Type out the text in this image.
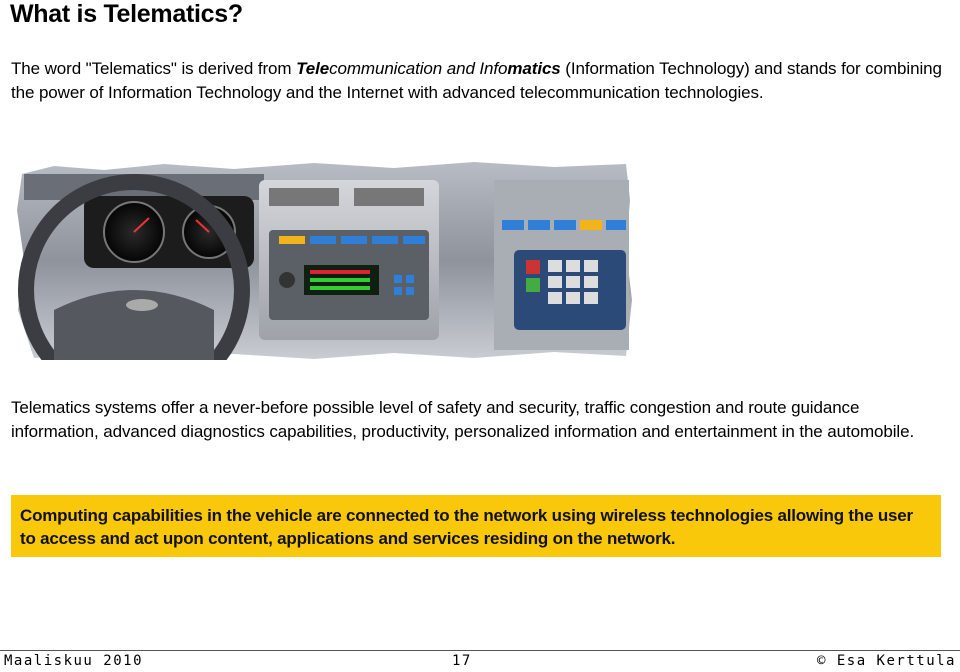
What is Telematics?

The word "Telematics" is derived from Telecommunication and Infomatics (Information Technology) and stands for combining the power of Information Technology and the Internet with advanced telecommunication technologies.

Telematics systems offer a never-before possible level of safety and security, traffic congestion and route guidance information, advanced diagnostics capabilities, productivity, personalized information and entertainment in the automobile.

Computing capabilities in the vehicle are connected to the network using wireless technologies allowing the user to access and act upon content, applications and services residing on the network.

Maaliskuu 2010	17	© Esa Kerttula
